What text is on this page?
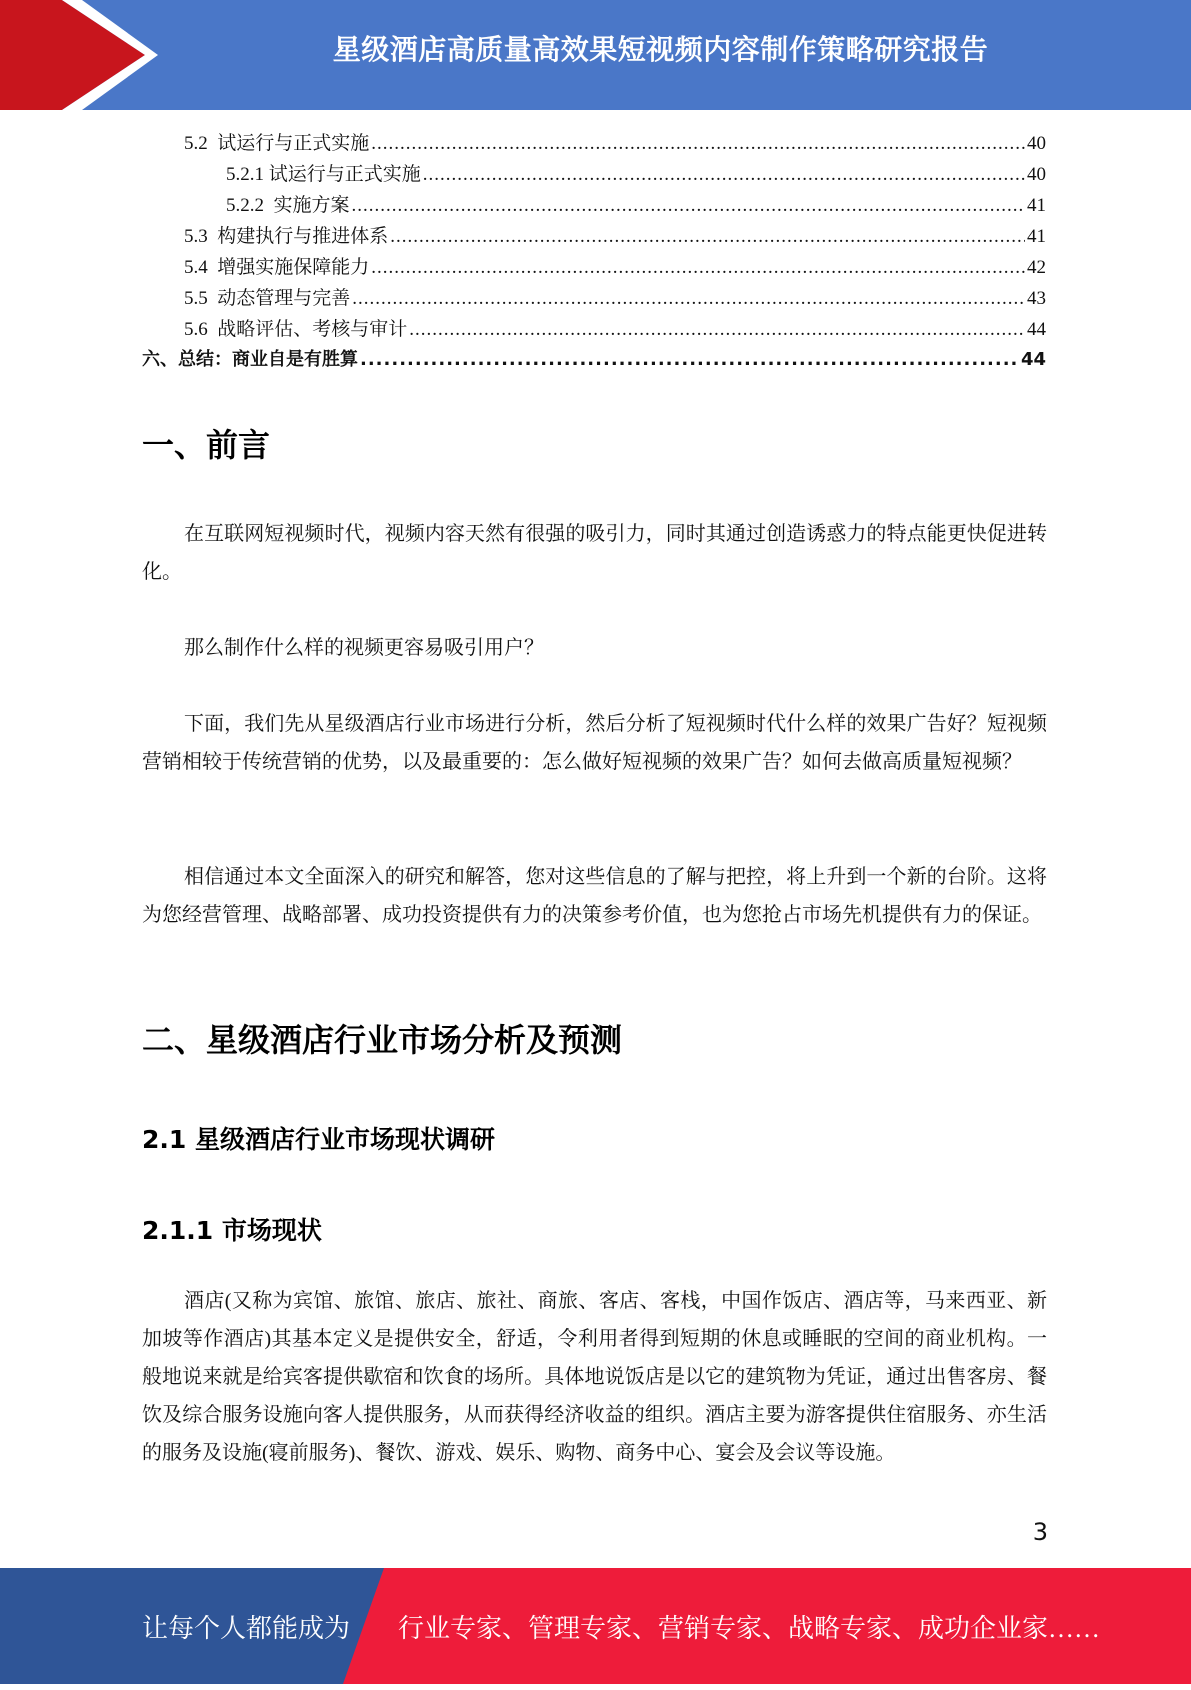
星级酒店高质量高效果短视频内容制作策略研究报告
5.2  试运行与正式实施 .....	40
5.2.1 试运行与正式实施 .....	40
5.2.2  实施方案 .....	41
5.3  构建执行与推进体系 .....	41
5.4  增强实施保障能力 .....	42
5.5  动态管理与完善 .....	43
5.6  战略评估、考核与审计 .....	44
六、总结：商业自是有胜算 .....	44
一、前言

在互联网短视频时代，视频内容天然有很强的吸引力，同时其通过创造诱惑力的特点能更快促进转化。

那么制作什么样的视频更容易吸引用户？

下面，我们先从星级酒店行业市场进行分析，然后分析了短视频时代什么样的效果广告好？短视频营销相较于传统营销的优势，以及最重要的：怎么做好短视频的效果广告？如何去做高质量短视频？

相信通过本文全面深入的研究和解答，您对这些信息的了解与把控，将上升到一个新的台阶。这将为您经营管理、战略部署、成功投资提供有力的决策参考价值，也为您抢占市场先机提供有力的保证。

二、星级酒店行业市场分析及预测
2.1 星级酒店行业市场现状调研
2.1.1 市场现状

酒店(又称为宾馆、旅馆、旅店、旅社、商旅、客店、客栈，中国作饭店、酒店等，马来西亚、新加坡等作酒店)其基本定义是提供安全，舒适，令利用者得到短期的休息或睡眠的空间的商业机构。一般地说来就是给宾客提供歇宿和饮食的场所。具体地说饭店是以它的建筑物为凭证，通过出售客房、餐饮及综合服务设施向客人提供服务，从而获得经济收益的组织。酒店主要为游客提供住宿服务、亦生活的服务及设施(寝前服务)、餐饮、游戏、娱乐、购物、商务中心、宴会及会议等设施。

3
让每个人都能成为 行业专家、管理专家、营销专家、战略专家、成功企业家……
